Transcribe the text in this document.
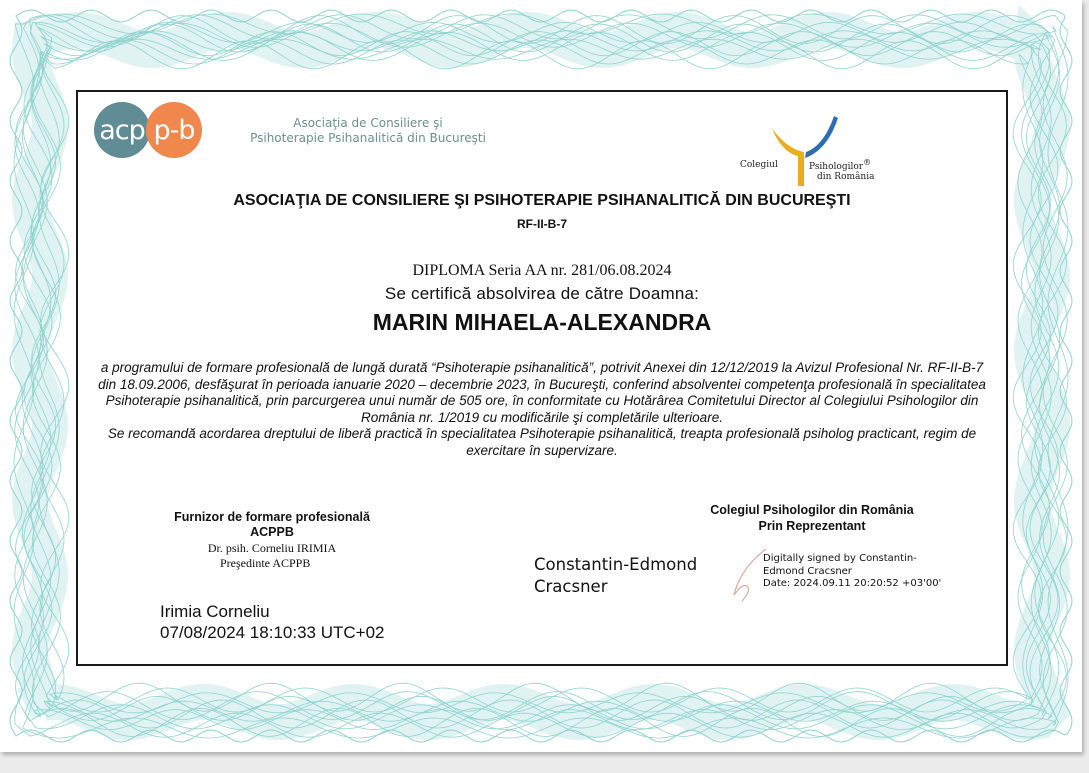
acp p-b	Asociaţia de Consiliere şi
Psihoterapie Psihanalitică din Bucureşti
Colegiul	Psihologilor®
din România
ASOCIAŢIA DE CONSILIERE ŞI PSIHOTERAPIE PSIHANALITICĂ DIN BUCUREŞTI
RF-II-B-7
DIPLOMA Seria AA nr. 281/06.08.2024
Se certifică absolvirea de către Doamna:
MARIN MIHAELA-ALEXANDRA

a programului de formare profesională de lungă durată “Psihoterapie psihanalitică”, potrivit Anexei din 12/12/2019 la Avizul Profesional Nr. RF-II-B-7 din 18.09.2006, desfăşurat în perioada ianuarie 2020 – decembrie 2023, în Bucureşti, conferind absolventei competenţa profesională în specialitatea Psihoterapie psihanalitică, prin parcurgerea unui număr de 505 ore, în conformitate cu Hotărârea Comitetului Director al Colegiului Psihologilor din România nr. 1/2019 cu modificările şi completările ulterioare.

Se recomandă acordarea dreptului de liberă practică în specialitatea Psihoterapie psihanalitică, treapta profesională psiholog practicant, regim de exercitare în supervizare.

Furnizor de formare profesională
ACPPB
Dr. psih. Corneliu IRIMIA
Preşedinte ACPPB
Irimia Corneliu
07/08/2024 18:10:33 UTC+02
Colegiul Psihologilor din România
Prin Reprezentant
Constantin-Edmond Cracsner
Digitally signed by Constantin-
Edmond Cracsner
Date: 2024.09.11 20:20:52 +03'00'
